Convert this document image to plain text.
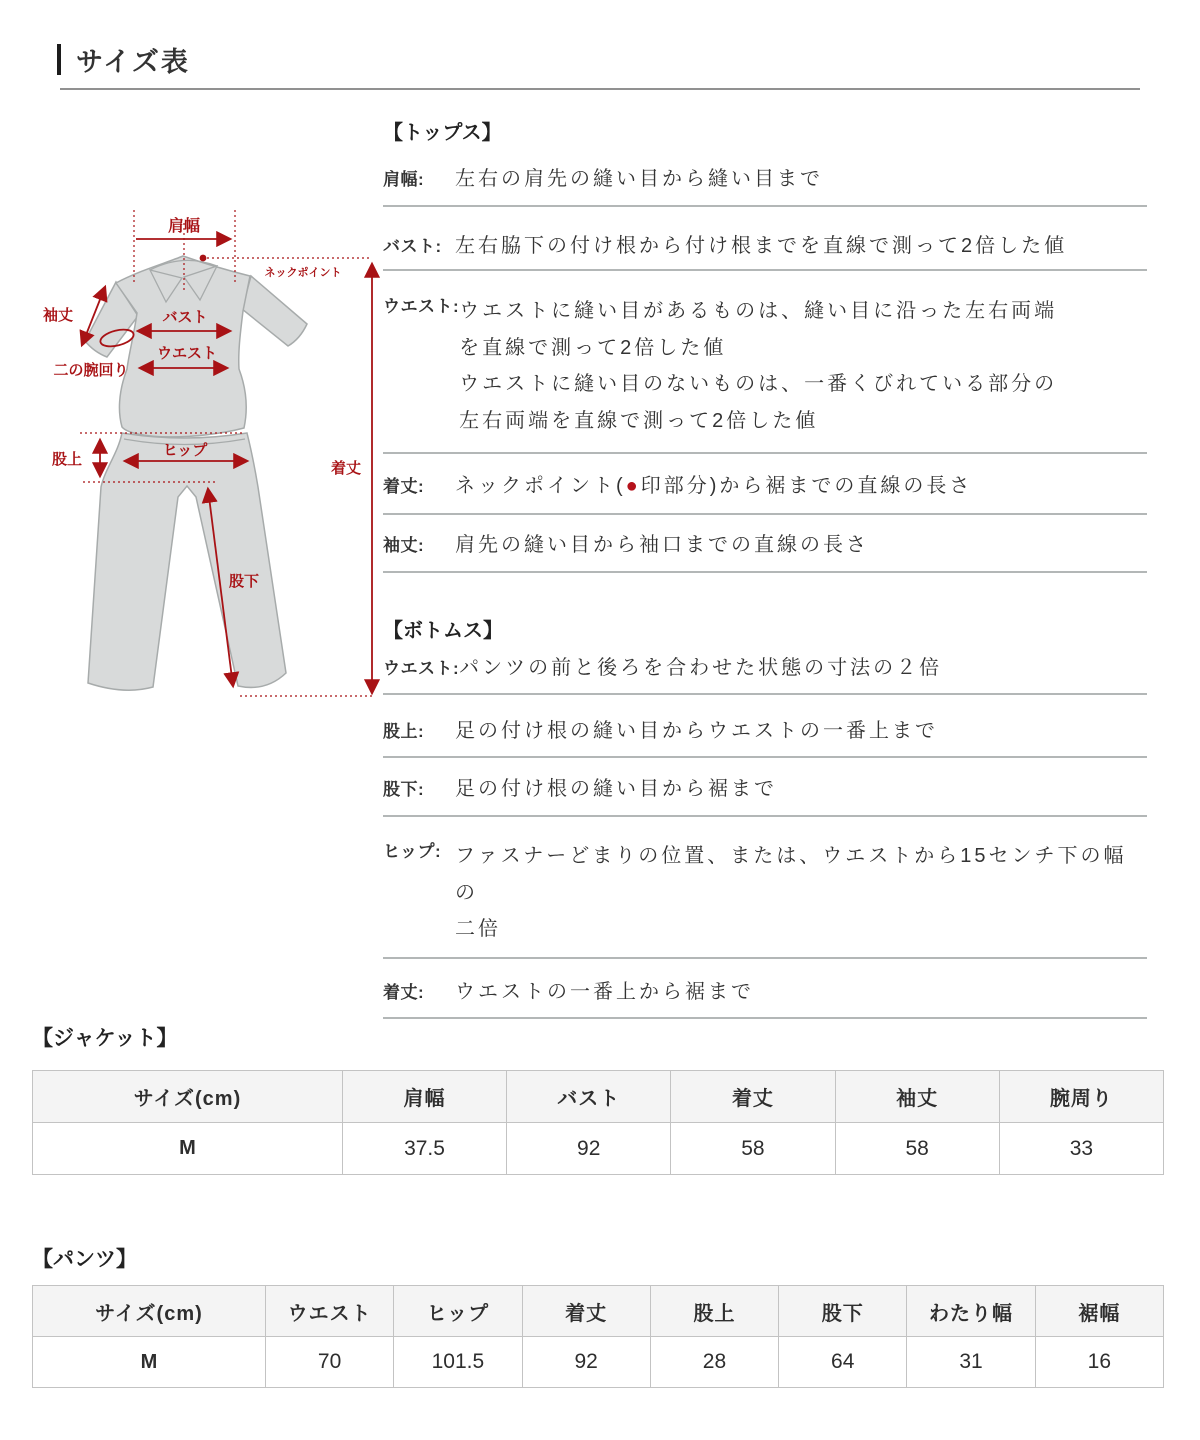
サイズ表
肩幅
ネックポイント
袖丈	バスト
ウエスト
二の腕回り
股上
ヒップ
股下
着丈
【トップス】
肩幅:	左右の肩先の縫い目から縫い目まで
バスト: 左右脇下の付け根から付け根までを直線で測って2倍した値
ウエスト: ウエストに縫い目があるものは、縫い目に沿った左右両端
を直線で測って2倍した値
ウエストに縫い目のないものは、一番くびれている部分の
左右両端を直線で測って2倍した値
着丈:	ネックポイント(●印部分)から裾までの直線の長さ
袖丈:	肩先の縫い目から袖口までの直線の長さ
【ボトムス】
ウエスト: パンツの前と後ろを合わせた状態の寸法の２倍
股上:	足の付け根の縫い目からウエストの一番上まで
股下:	足の付け根の縫い目から裾まで
ヒップ: ファスナーどまりの位置、または、ウエストから15センチ下の幅の
二倍
着丈:	ウエストの一番上から裾まで
【ジャケット】
サイズ(cm)	肩幅	バスト	着丈	袖丈	腕周り
M	37.5	92	58	58	33
【パンツ】
サイズ(cm)	ウエスト	ヒップ	着丈	股上	股下	わたり幅	裾幅
M	70	101.5	92	28	64	31	16
